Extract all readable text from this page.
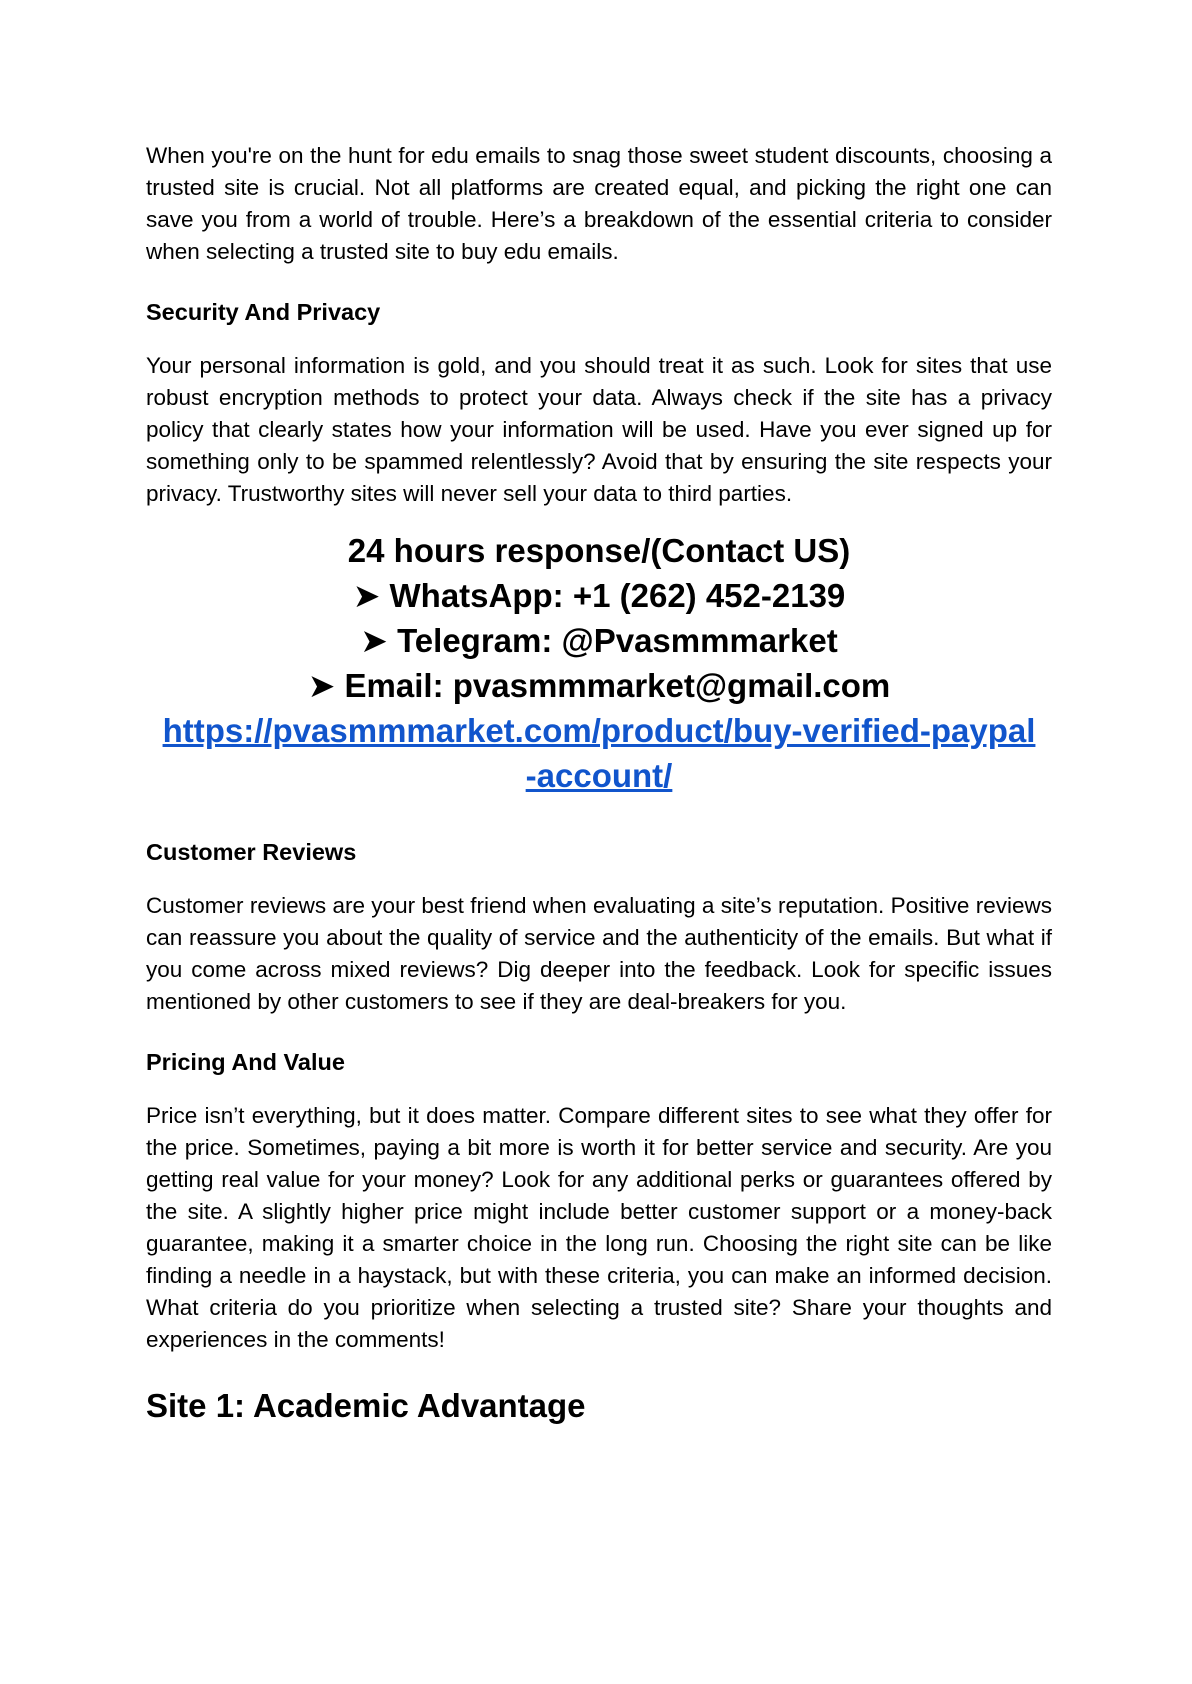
When you're on the hunt for edu emails to snag those sweet student discounts, choosing a trusted site is crucial. Not all platforms are created equal, and picking the right one can save you from a world of trouble. Here’s a breakdown of the essential criteria to consider when selecting a trusted site to buy edu emails.

Security And Privacy

Your personal information is gold, and you should treat it as such. Look for sites that use robust encryption methods to protect your data. Always check if the site has a privacy policy that clearly states how your information will be used. Have you ever signed up for something only to be spammed relentlessly? Avoid that by ensuring the site respects your privacy. Trustworthy sites will never sell your data to third parties.

24 hours response/(Contact US)
➤ WhatsApp: +1 (262) 452-2139
➤ Telegram: @Pvasmmmarket
➤ Email: pvasmmmarket@gmail.com
https://pvasmmmarket.com/product/buy-verified-paypal
-account/
Customer Reviews

Customer reviews are your best friend when evaluating a site’s reputation. Positive reviews can reassure you about the quality of service and the authenticity of the emails. But what if you come across mixed reviews? Dig deeper into the feedback. Look for specific issues mentioned by other customers to see if they are deal-breakers for you.

Pricing And Value

Price isn’t everything, but it does matter. Compare different sites to see what they offer for the price. Sometimes, paying a bit more is worth it for better service and security. Are you getting real value for your money? Look for any additional perks or guarantees offered by the site. A slightly higher price might include better customer support or a money-back guarantee, making it a smarter choice in the long run. Choosing the right site can be like finding a needle in a haystack, but with these criteria, you can make an informed decision. What criteria do you prioritize when selecting a trusted site? Share your thoughts and experiences in the comments!

Site 1: Academic Advantage
